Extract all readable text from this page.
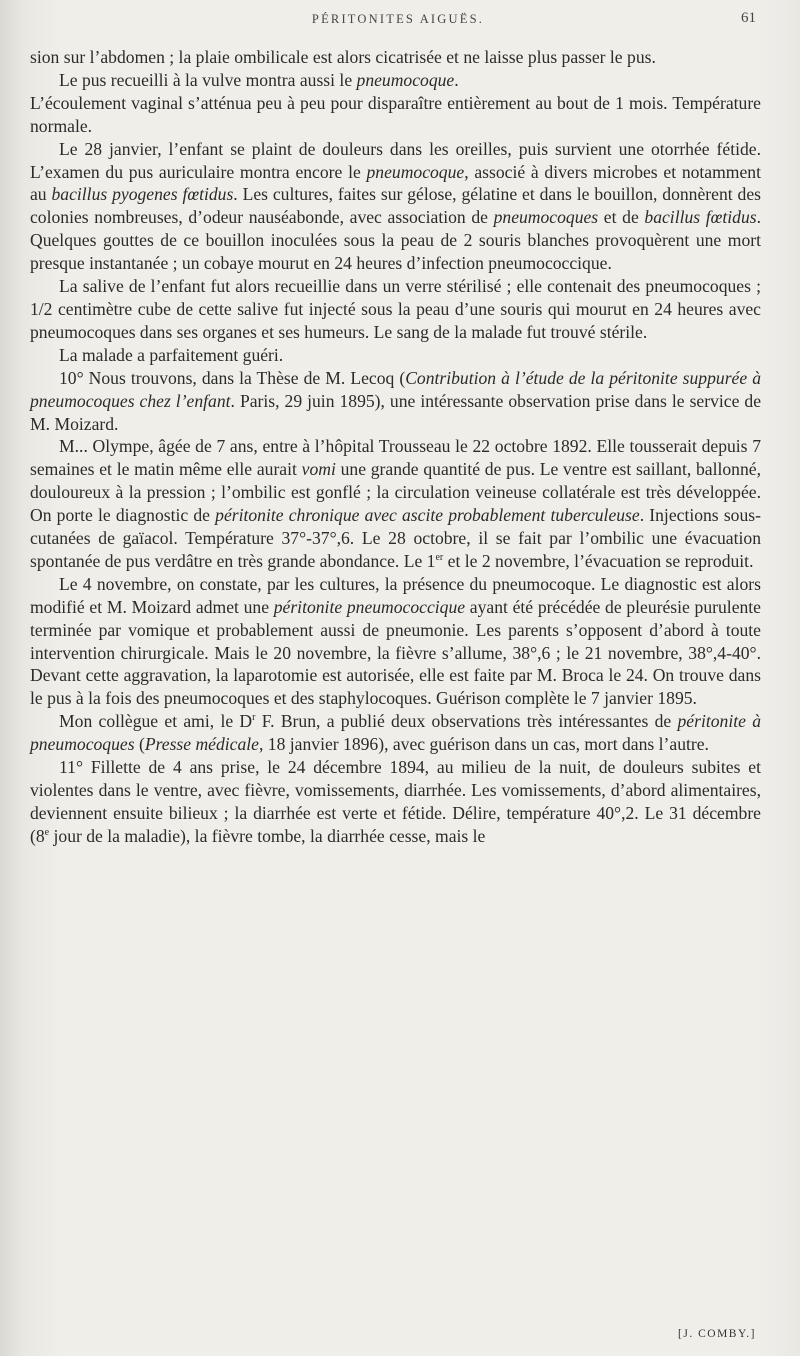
PÉRITONITES AIGUËS.	61

sion sur l’abdomen ; la plaie ombilicale est alors cicatrisée et ne laisse plus passer le pus.

Le pus recueilli à la vulve montra aussi le pneumocoque.

L’écoulement vaginal s’atténua peu à peu pour disparaître entièrement au bout de 1 mois. Température normale.

Le 28 janvier, l’enfant se plaint de douleurs dans les oreilles, puis survient une otorrhée fétide. L’examen du pus auriculaire montra encore le pneumocoque, associé à divers microbes et notamment au bacillus pyogenes fœtidus. Les cultures, faites sur gélose, gélatine et dans le bouillon, donnèrent des colonies nombreuses, d’odeur nauséabonde, avec association de pneumocoques et de bacillus fœtidus. Quelques gouttes de ce bouillon inoculées sous la peau de 2 souris blanches provoquèrent une mort presque instantanée ; un cobaye mourut en 24 heures d’infection pneumococcique.

La salive de l’enfant fut alors recueillie dans un verre stérilisé ; elle contenait des pneumocoques ; 1/2 centimètre cube de cette salive fut injecté sous la peau d’une souris qui mourut en 24 heures avec pneumocoques dans ses organes et ses humeurs. Le sang de la malade fut trouvé stérile.

La malade a parfaitement guéri.

10° Nous trouvons, dans la Thèse de M. Lecoq (Contribution à l’étude de la péritonite suppurée à pneumocoques chez l’enfant. Paris, 29 juin 1895), une intéressante observation prise dans le service de M. Moizard.

M... Olympe, âgée de 7 ans, entre à l’hôpital Trousseau le 22 octobre 1892. Elle tousserait depuis 7 semaines et le matin même elle aurait vomi une grande quantité de pus. Le ventre est saillant, ballonné, douloureux à la pression ; l’ombilic est gonflé ; la circulation veineuse collatérale est très développée. On porte le diagnostic de péritonite chronique avec ascite probablement tuberculeuse. Injections sous-cutanées de gaïacol. Température 37°-37°,6. Le 28 octobre, il se fait par l’ombilic une évacuation spontanée de pus verdâtre en très grande abondance. Le 1er et le 2 novembre, l’évacuation se reproduit.

Le 4 novembre, on constate, par les cultures, la présence du pneumocoque. Le diagnostic est alors modifié et M. Moizard admet une péritonite pneumococcique ayant été précédée de pleurésie purulente terminée par vomique et probablement aussi de pneumonie. Les parents s’opposent d’abord à toute intervention chirurgicale. Mais le 20 novembre, la fièvre s’allume, 38°,6 ; le 21 novembre, 38°,4-40°. Devant cette aggravation, la laparotomie est autorisée, elle est faite par M. Broca le 24. On trouve dans le pus à la fois des pneumocoques et des staphylocoques. Guérison complète le 7 janvier 1895.

Mon collègue et ami, le $D^r$ F. Brun, a publié deux observations très intéressantes de péritonite à pneumocoques (Presse médicale, 18 janvier 1896), avec guérison dans un cas, mort dans l’autre.

11° Fillette de 4 ans prise, le 24 décembre 1894, au milieu de la nuit, de douleurs subites et violentes dans le ventre, avec fièvre, vomissements, diarrhée. Les vomissements, d’abord alimentaires, deviennent ensuite bilieux ; la diarrhée est verte et fétide. Délire, température 40°,2. Le 31 décembre (8e jour de la maladie), la fièvre tombe, la diarrhée cesse, mais le

[J. COMBY.]
